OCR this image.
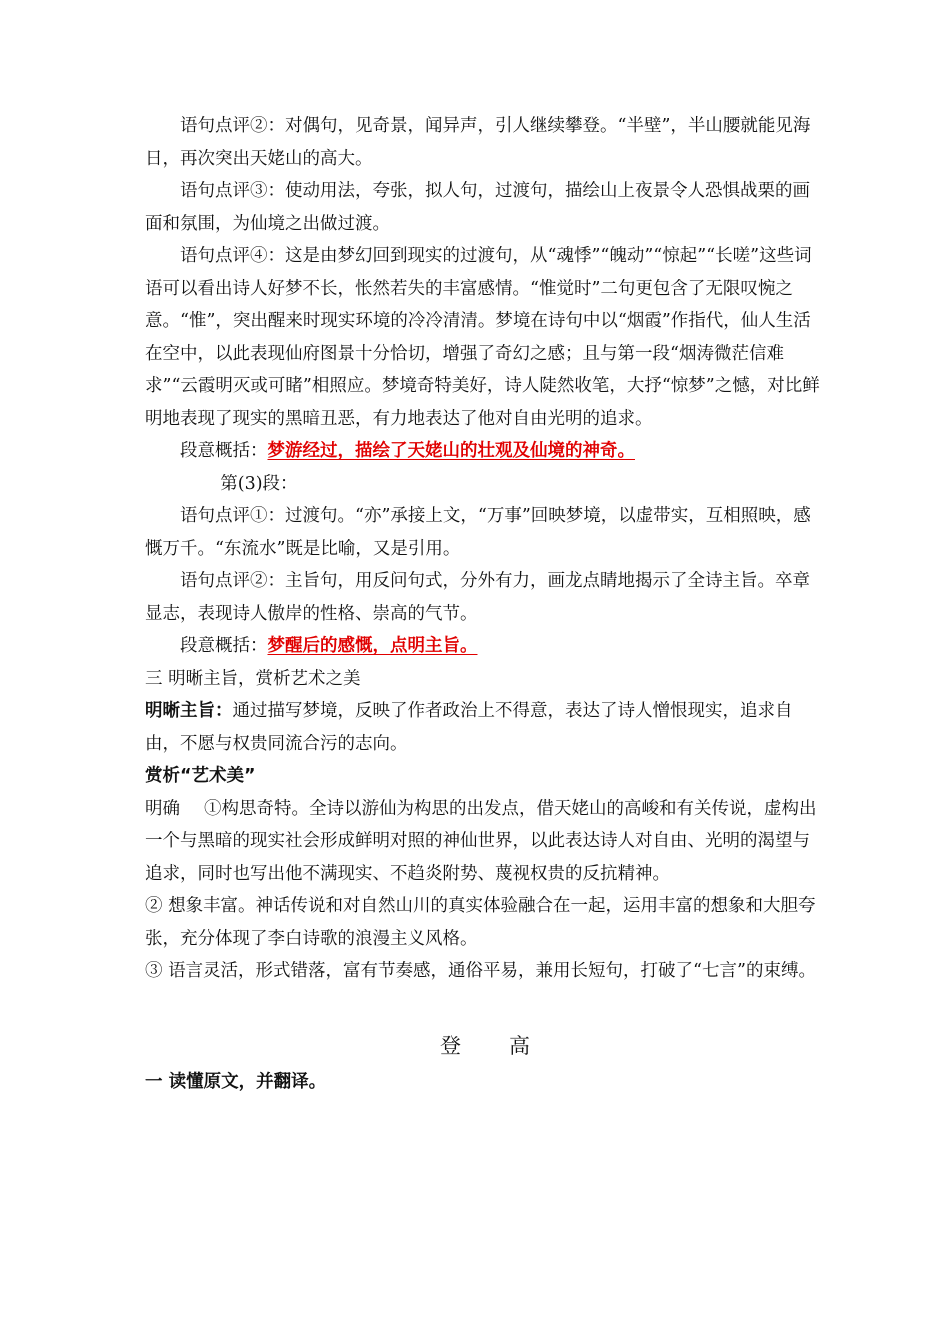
语句点评②：对偶句，见奇景，闻异声，引人继续攀登。“半壁”，半山腰就能见海日，再次突出天姥山的高大。

语句点评③：使动用法，夸张，拟人句，过渡句，描绘山上夜景令人恐惧战栗的画面和氛围，为仙境之出做过渡。

语句点评④：这是由梦幻回到现实的过渡句，从“魂悸”“魄动”“惊起”“长嗟”这些词语可以看出诗人好梦不长，怅然若失的丰富感情。“惟觉时”二句更包含了无限叹惋之意。“惟”，突出醒来时现实环境的冷冷清清。梦境在诗句中以“烟霞”作指代，仙人生活在空中，以此表现仙府图景十分恰切，增强了奇幻之感；且与第一段“烟涛微茫信难求”“云霞明灭或可睹”相照应。梦境奇特美好，诗人陡然收笔，大抒“惊梦”之憾，对比鲜明地表现了现实的黑暗丑恶，有力地表达了他对自由光明的追求。

段意概括：梦游经过，描绘了天姥山的壮观及仙境的神奇。

第(3)段：

语句点评①：过渡句。“亦”承接上文，“万事”回映梦境，以虚带实，互相照映，感慨万千。“东流水”既是比喻，又是引用。

语句点评②：主旨句，用反问句式，分外有力，画龙点睛地揭示了全诗主旨。卒章显志，表现诗人傲岸的性格、崇高的气节。

段意概括：梦醒后的感慨，点明主旨。

三 明晰主旨，赏析艺术之美

明晰主旨：通过描写梦境，反映了作者政治上不得意，表达了诗人憎恨现实，追求自由，不愿与权贵同流合污的志向。

赏析“艺术美”

明确 ①构思奇特。全诗以游仙为构思的出发点，借天姥山的高峻和有关传说，虚构出一个与黑暗的现实社会形成鲜明对照的神仙世界，以此表达诗人对自由、光明的渴望与追求，同时也写出他不满现实、不趋炎附势、蔑视权贵的反抗精神。

② 想象丰富。神话传说和对自然山川的真实体验融合在一起，运用丰富的想象和大胆夸张，充分体现了李白诗歌的浪漫主义风格。

③ 语言灵活，形式错落，富有节奏感，通俗平易，兼用长短句，打破了“七言”的束缚。

登高

一 读懂原文，并翻译。
